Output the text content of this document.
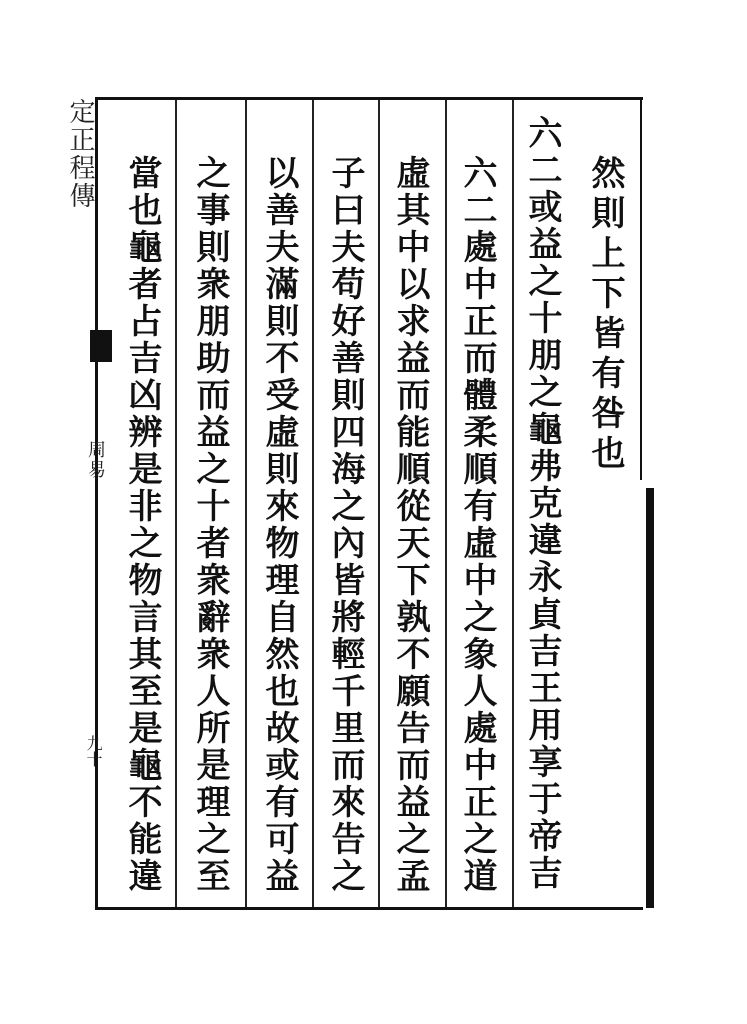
定正程傳
周易
九十
然則上下皆有咎也
六二或益之十朋之龜弗克違永貞吉王用享于帝吉
六二處中正而體柔順有虛中之象人處中正之道
虛其中以求益而能順從天下孰不願告而益之孟
子曰夫苟好善則四海之內皆將輕千里而來告之
以善夫滿則不受虛則來物理自然也故或有可益
之事則衆朋助而益之十者衆辭衆人所是理之至
當也龜者占吉凶辨是非之物言其至是龜不能違
